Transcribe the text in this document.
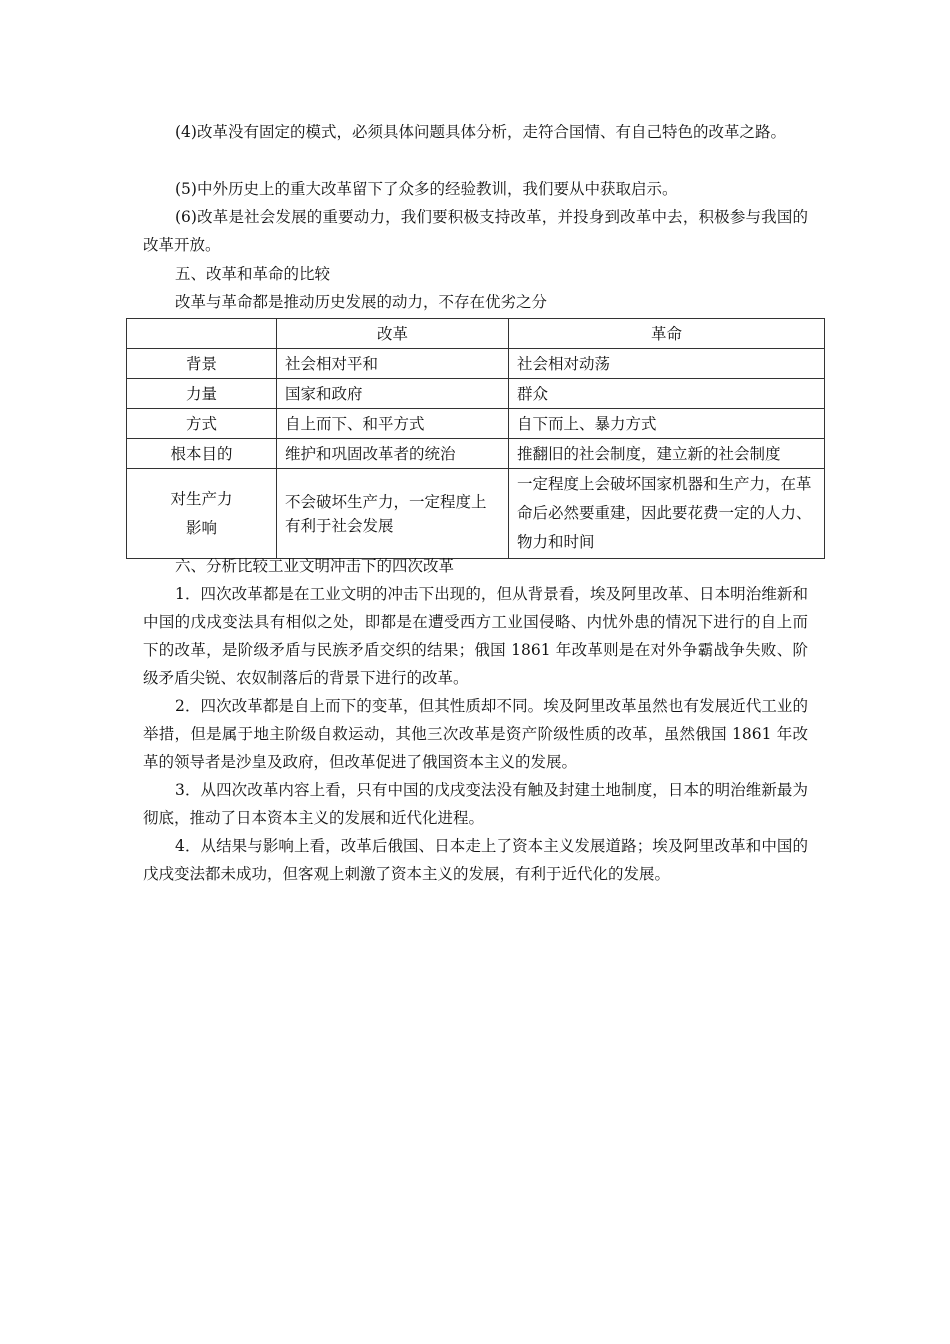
(4)改革没有固定的模式，必须具体问题具体分析，走符合国情、有自己特色的改革之路。

(5)中外历史上的重大改革留下了众多的经验教训，我们要从中获取启示。

(6)改革是社会发展的重要动力，我们要积极支持改革，并投身到改革中去，积极参与我国的改革开放。

五、改革和革命的比较

改革与革命都是推动历史发展的动力，不存在优劣之分

	改革	革命
背景	社会相对平和	社会相对动荡
力量	国家和政府	群众
方式	自上而下、和平方式	自下而上、暴力方式
根本目的	维护和巩固改革者的统治	推翻旧的社会制度，建立新的社会制度

对生产力影响	不会破坏生产力，一定程度上有利于社会发展	一定程度上会破坏国家机器和生产力，在革命后必然要重建，因此要花费一定的人力、物力和时间

六、分析比较工业文明冲击下的四次改革

1．四次改革都是在工业文明的冲击下出现的，但从背景看，埃及阿里改革、日本明治维新和中国的戊戌变法具有相似之处，即都是在遭受西方工业国侵略、内忧外患的情况下进行的自上而下的改革，是阶级矛盾与民族矛盾交织的结果；俄国 1861 年改革则是在对外争霸战争失败、阶级矛盾尖锐、农奴制落后的背景下进行的改革。

2．四次改革都是自上而下的变革，但其性质却不同。埃及阿里改革虽然也有发展近代工业的举措，但是属于地主阶级自救运动，其他三次改革是资产阶级性质的改革，虽然俄国 1861 年改革的领导者是沙皇及政府，但改革促进了俄国资本主义的发展。

3．从四次改革内容上看，只有中国的戊戌变法没有触及封建土地制度，日本的明治维新最为彻底，推动了日本资本主义的发展和近代化进程。

4．从结果与影响上看，改革后俄国、日本走上了资本主义发展道路；埃及阿里改革和中国的戊戌变法都未成功，但客观上刺激了资本主义的发展，有利于近代化的发展。
